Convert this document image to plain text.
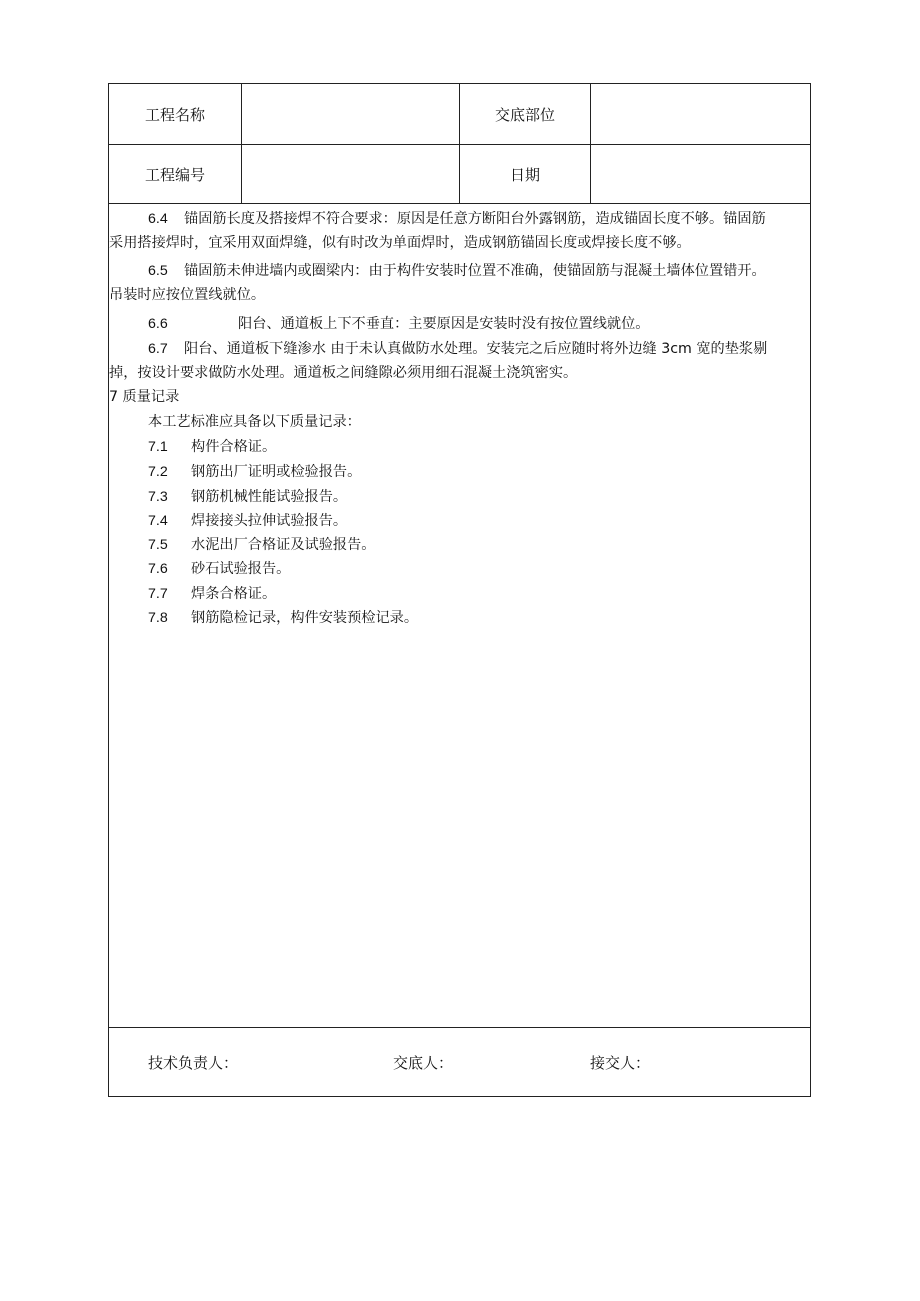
工程名称	交底部位
工程编号	日期
6.4 锚固筋长度及搭接焊不符合要求：原因是任意方断阳台外露钢筋，造成锚固长度不够。锚固筋
采用搭接焊时，宜采用双面焊缝，似有时改为单面焊时，造成钢筋锚固长度或焊接长度不够。
6.5 锚固筋未伸进墙内或圈梁内：由于构件安装时位置不准确，使锚固筋与混凝土墙体位置错开。
吊装时应按位置线就位。
6.6	阳台、通道板上下不垂直：主要原因是安装时没有按位置线就位。
6.7 阳台、通道板下缝渗水 由于未认真做防水处理。安装完之后应随时将外边缝 3cm 宽的垫浆剔
掉，按设计要求做防水处理。通道板之间缝隙必须用细石混凝土浇筑密实。
7 质量记录
本工艺标准应具备以下质量记录：
7.1 构件合格证。
7.2 钢筋出厂证明或检验报告。
7.3 钢筋机械性能试验报告。
7.4 焊接接头拉伸试验报告。
7.5 水泥出厂合格证及试验报告。
7.6 砂石试验报告。
7.7 焊条合格证。
7.8 钢筋隐检记录，构件安装预检记录。
技术负责人：	交底人：	接交人：
